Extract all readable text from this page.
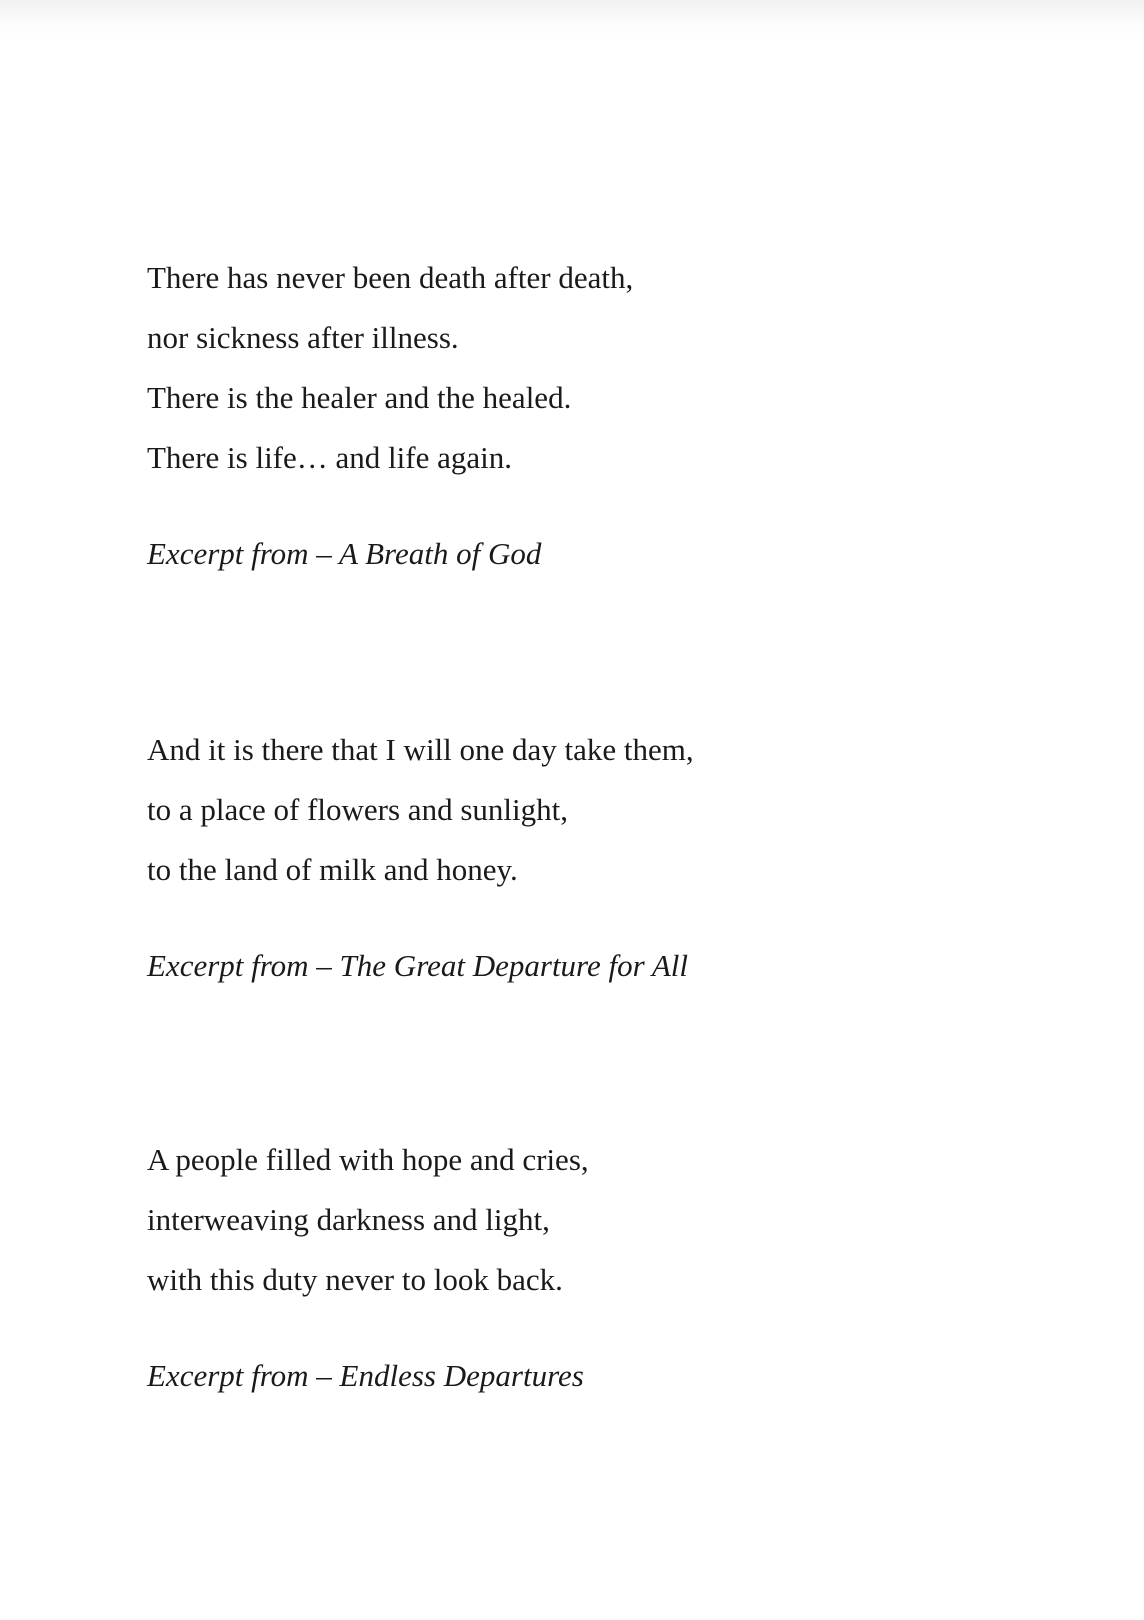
There has never been death after death,
nor sickness after illness.
There is the healer and the healed.
There is life… and life again.
Excerpt from – A Breath of God
And it is there that I will one day take them,
to a place of flowers and sunlight,
to the land of milk and honey.
Excerpt from – The Great Departure for All
A people filled with hope and cries,
interweaving darkness and light,
with this duty never to look back.
Excerpt from – Endless Departures
